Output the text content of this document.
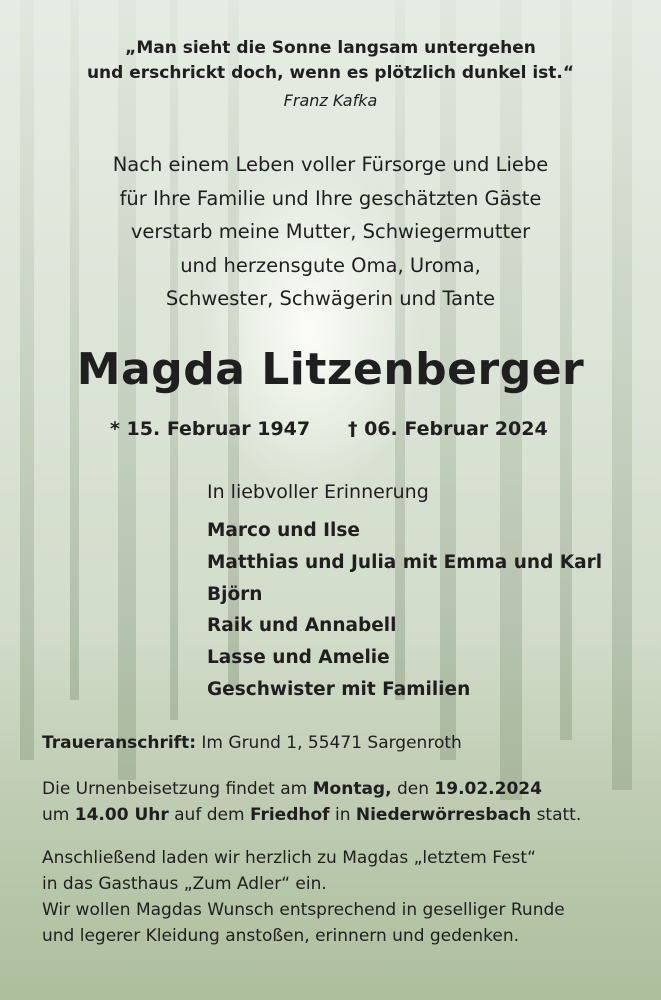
„Man sieht die Sonne langsam untergehen

und erschrickt doch, wenn es plötzlich dunkel ist.“

Franz Kafka

Nach einem Leben voller Fürsorge und Liebe

für Ihre Familie und Ihre geschätzten Gäste

verstarb meine Mutter, Schwiegermutter

und herzensgute Oma, Uroma,

Schwester, Schwägerin und Tante

Magda Litzenberger
* 15. Februar 1947 † 06. Februar 2024
In liebvoller Erinnerung
Marco und Ilse
Matthias und Julia mit Emma und Karl
Björn
Raik und Annabell
Lasse und Amelie
Geschwister mit Familien
Traueranschrift: Im Grund 1, 55471 Sargenroth

Die Urnenbeisetzung findet am Montag, den 19.02.2024

um 14.00 Uhr auf dem Friedhof in Niederwörresbach statt.

Anschließend laden wir herzlich zu Magdas „letztem Fest“

in das Gasthaus „Zum Adler“ ein.

Wir wollen Magdas Wunsch entsprechend in geselliger Runde

und legerer Kleidung anstoßen, erinnern und gedenken.
